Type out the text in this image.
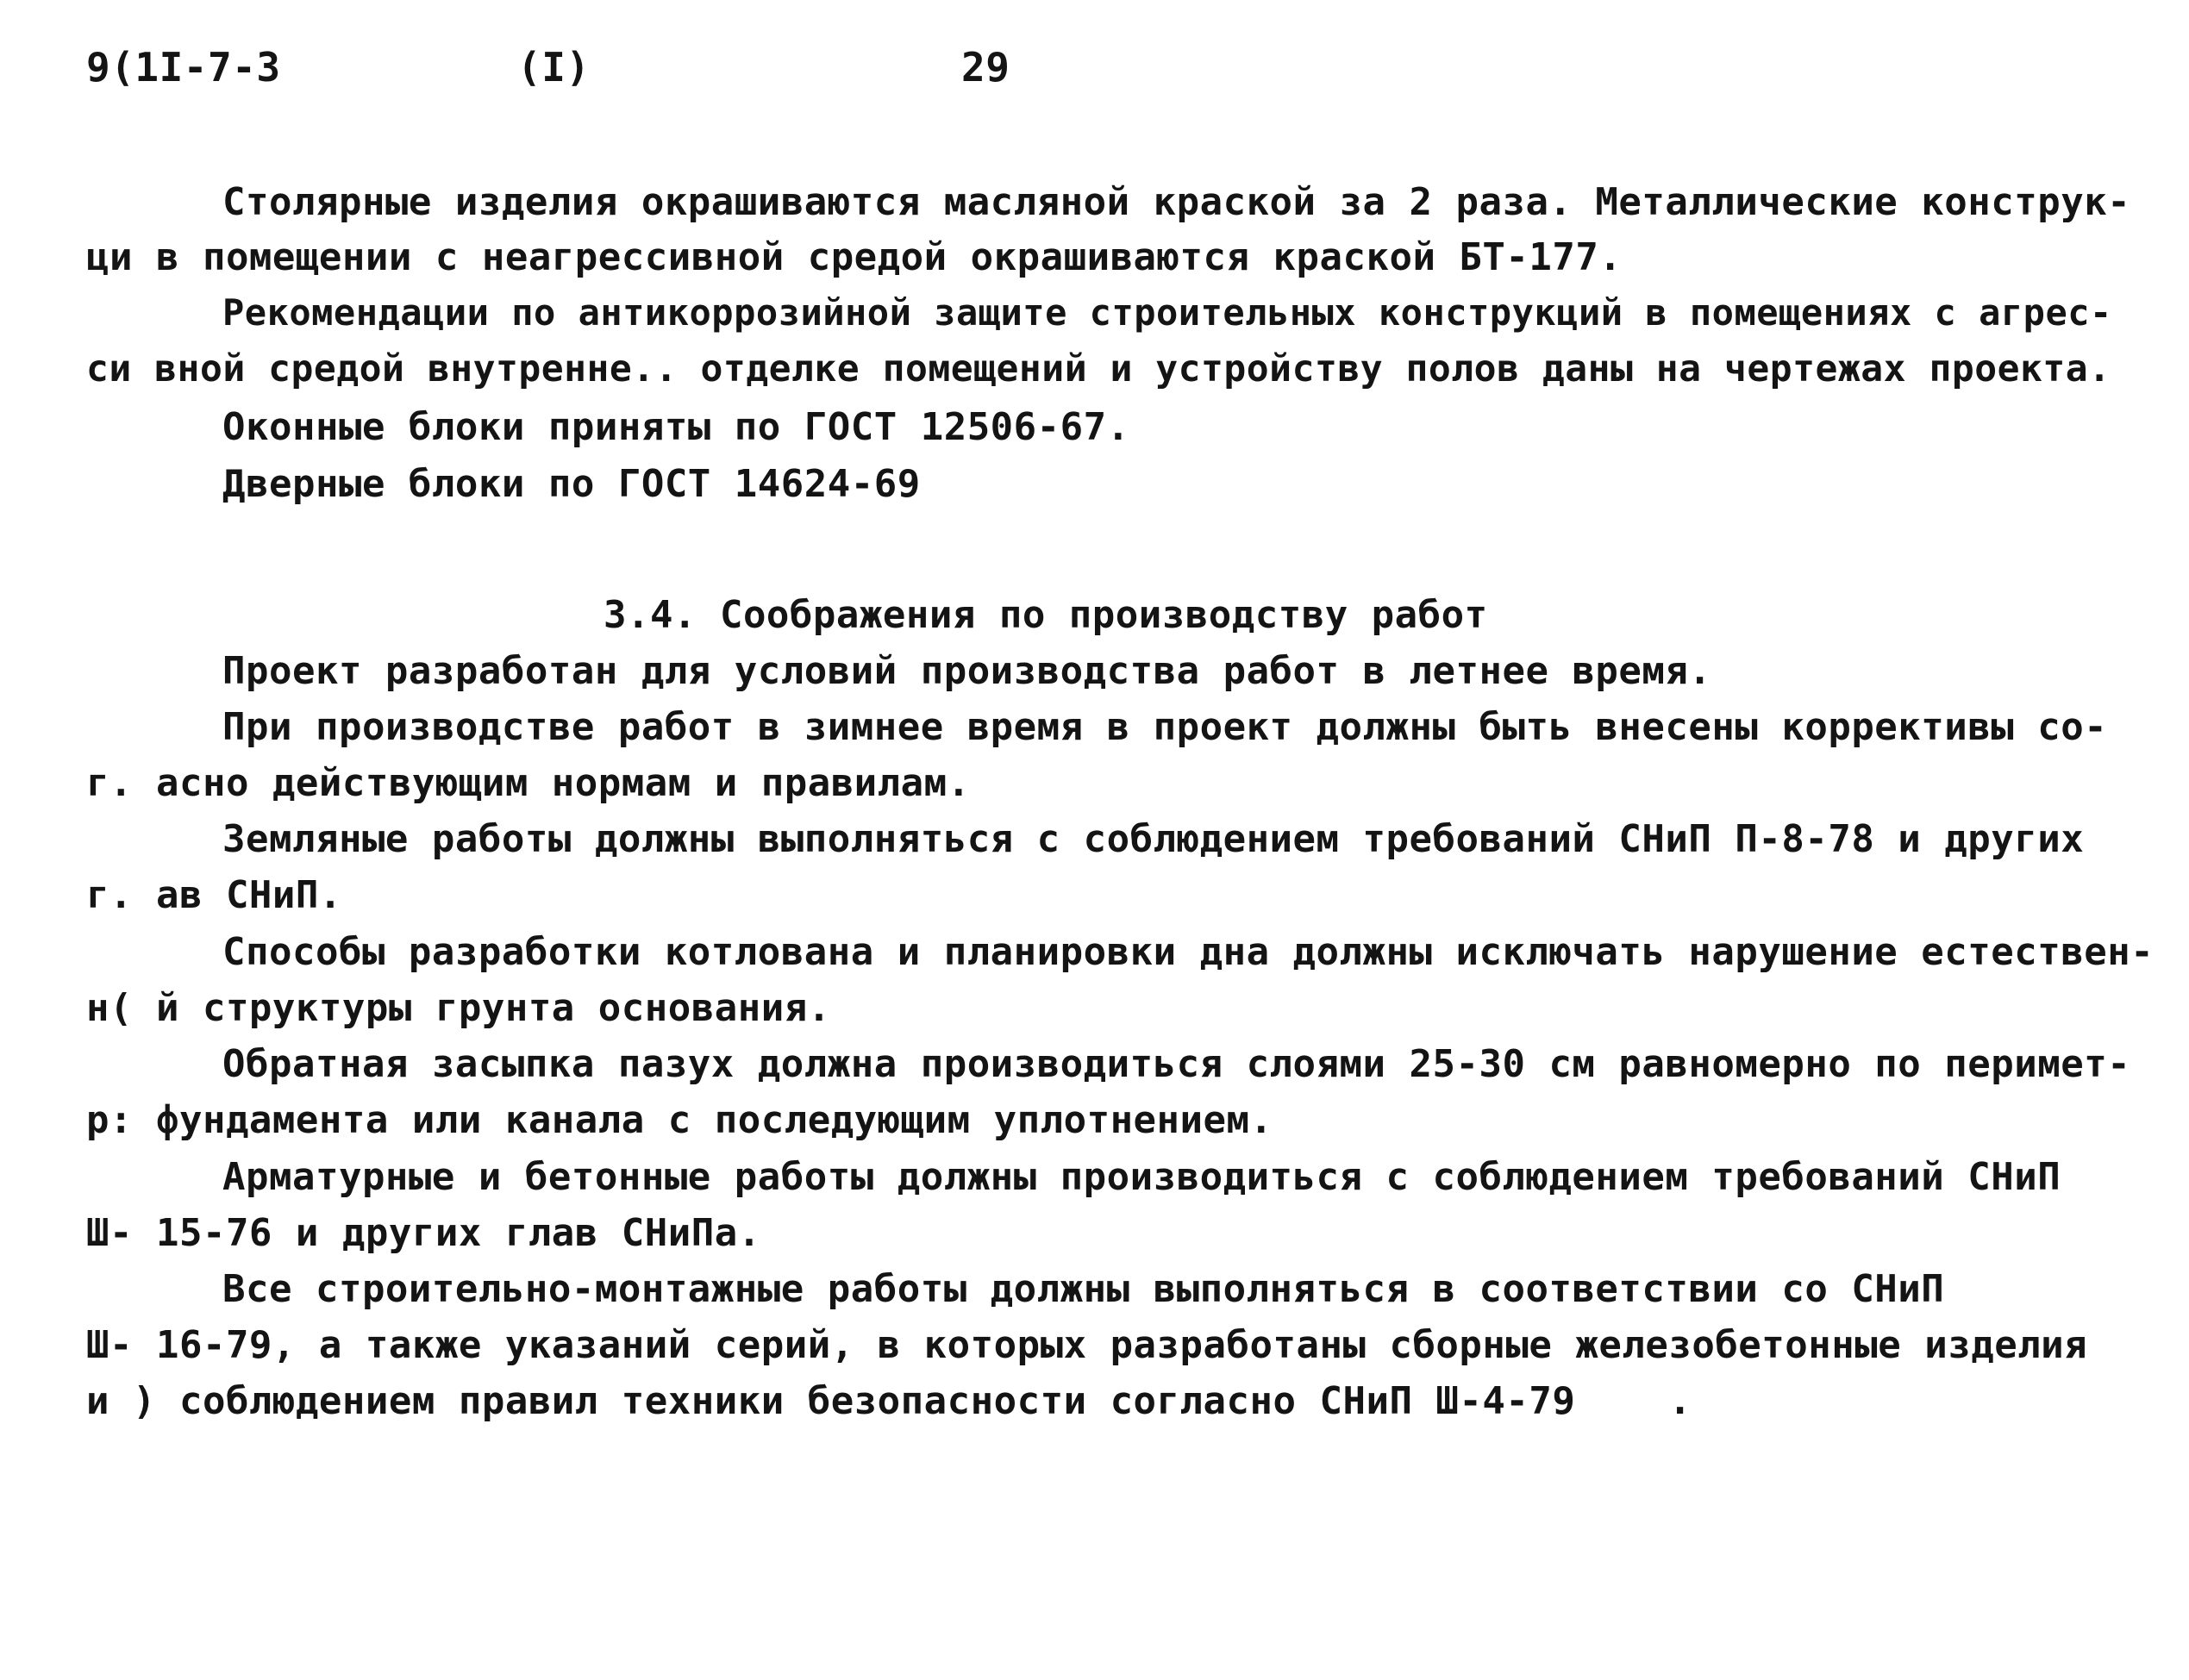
9(1I-7-3	(I)	29
Столярные изделия окрашиваются масляной краской за 2 раза. Металлические конструк-
ци в помещении с неагрессивной средой окрашиваются краской БТ-177.
Рекомендации по антикоррозийной защите строительных конструкций в помещениях с агрес-
си вной средой внутренне.. отделке помещений и устройству полов даны на чертежах проекта.
Оконные блоки приняты по ГОСТ 12506-67.
Дверные блоки по ГОСТ 14624-69
3.4. Соображения по производству работ
Проект разработан для условий производства работ в летнее время.
При производстве работ в зимнее время в проект должны быть внесены коррективы со-
г. асно действующим нормам и правилам.
Земляные работы должны выполняться с соблюдением требований СНиП П-8-78 и других
г. ав СНиП.
Способы разработки котлована и планировки дна должны исключать нарушение естествен-
н( й структуры грунта основания.
Обратная засыпка пазух должна производиться слоями 25-30 см равномерно по перимет-
р: фундамента или канала с последующим уплотнением.
Арматурные и бетонные работы должны производиться с соблюдением требований СНиП
Ш- 15-76 и других глав СНиПа.
Все строительно-монтажные работы должны выполняться в соответствии со СНиП
Ш- 16-79, а также указаний серий, в которых разработаны сборные железобетонные изделия
и ) соблюдением правил техники безопасности согласно СНиП Ш-4-79    .
